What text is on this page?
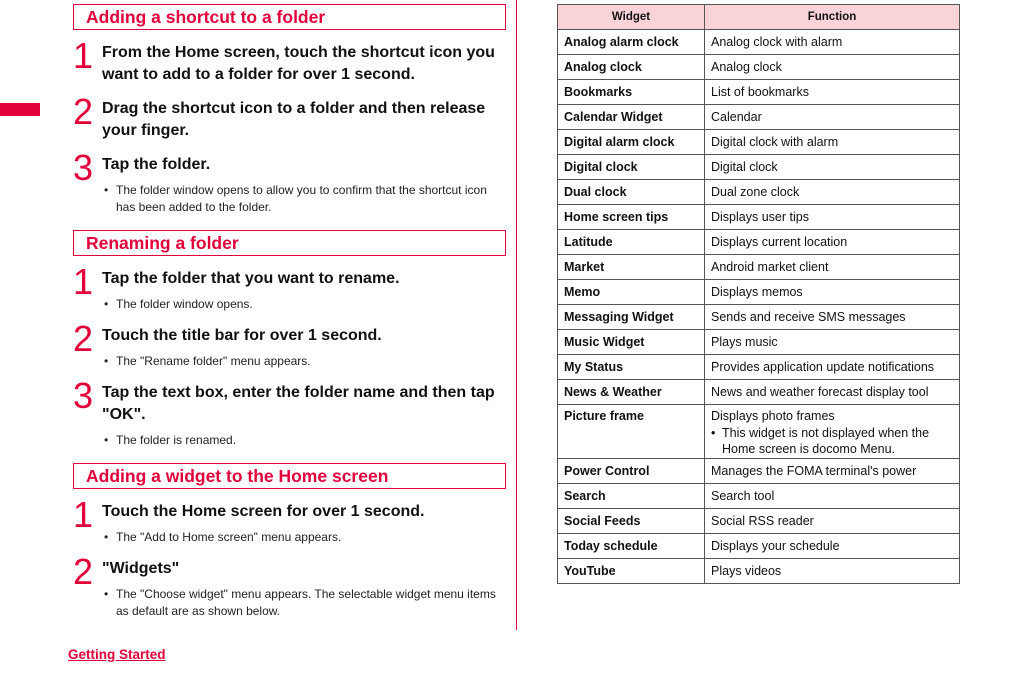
Adding a shortcut to a folder
1 From the Home screen, touch the shortcut icon you want to add to a folder for over 1 second.
2 Drag the shortcut icon to a folder and then release your finger.
3 Tap the folder.
• The folder window opens to allow you to confirm that the shortcut icon has been added to the folder.
Renaming a folder
1 Tap the folder that you want to rename.
• The folder window opens.
2 Touch the title bar for over 1 second.
• The "Rename folder" menu appears.
3 Tap the text box, enter the folder name and then tap "OK".
• The folder is renamed.
Adding a widget to the Home screen
1 Touch the Home screen for over 1 second.
• The "Add to Home screen" menu appears.
2 "Widgets"
• The "Choose widget" menu appears. The selectable widget menu items as default are as shown below.
Getting Started
Widget	Function
Analog alarm clock	Analog clock with alarm
Analog clock	Analog clock
Bookmarks	List of bookmarks
Calendar Widget	Calendar
Digital alarm clock	Digital clock with alarm
Digital clock	Digital clock
Dual clock	Dual zone clock
Home screen tips	Displays user tips
Latitude	Displays current location
Market	Android market client
Memo	Displays memos
Messaging Widget	Sends and receive SMS messages
Music Widget	Plays music
My Status	Provides application update notifications
News & Weather	News and weather forecast display tool
Picture frame	Displays photo frames
• This widget is not displayed when the Home screen is docomo Menu.

Power Control	Manages the FOMA terminal's power
Search	Search tool
Social Feeds	Social RSS reader
Today schedule	Displays your schedule
YouTube	Plays videos
